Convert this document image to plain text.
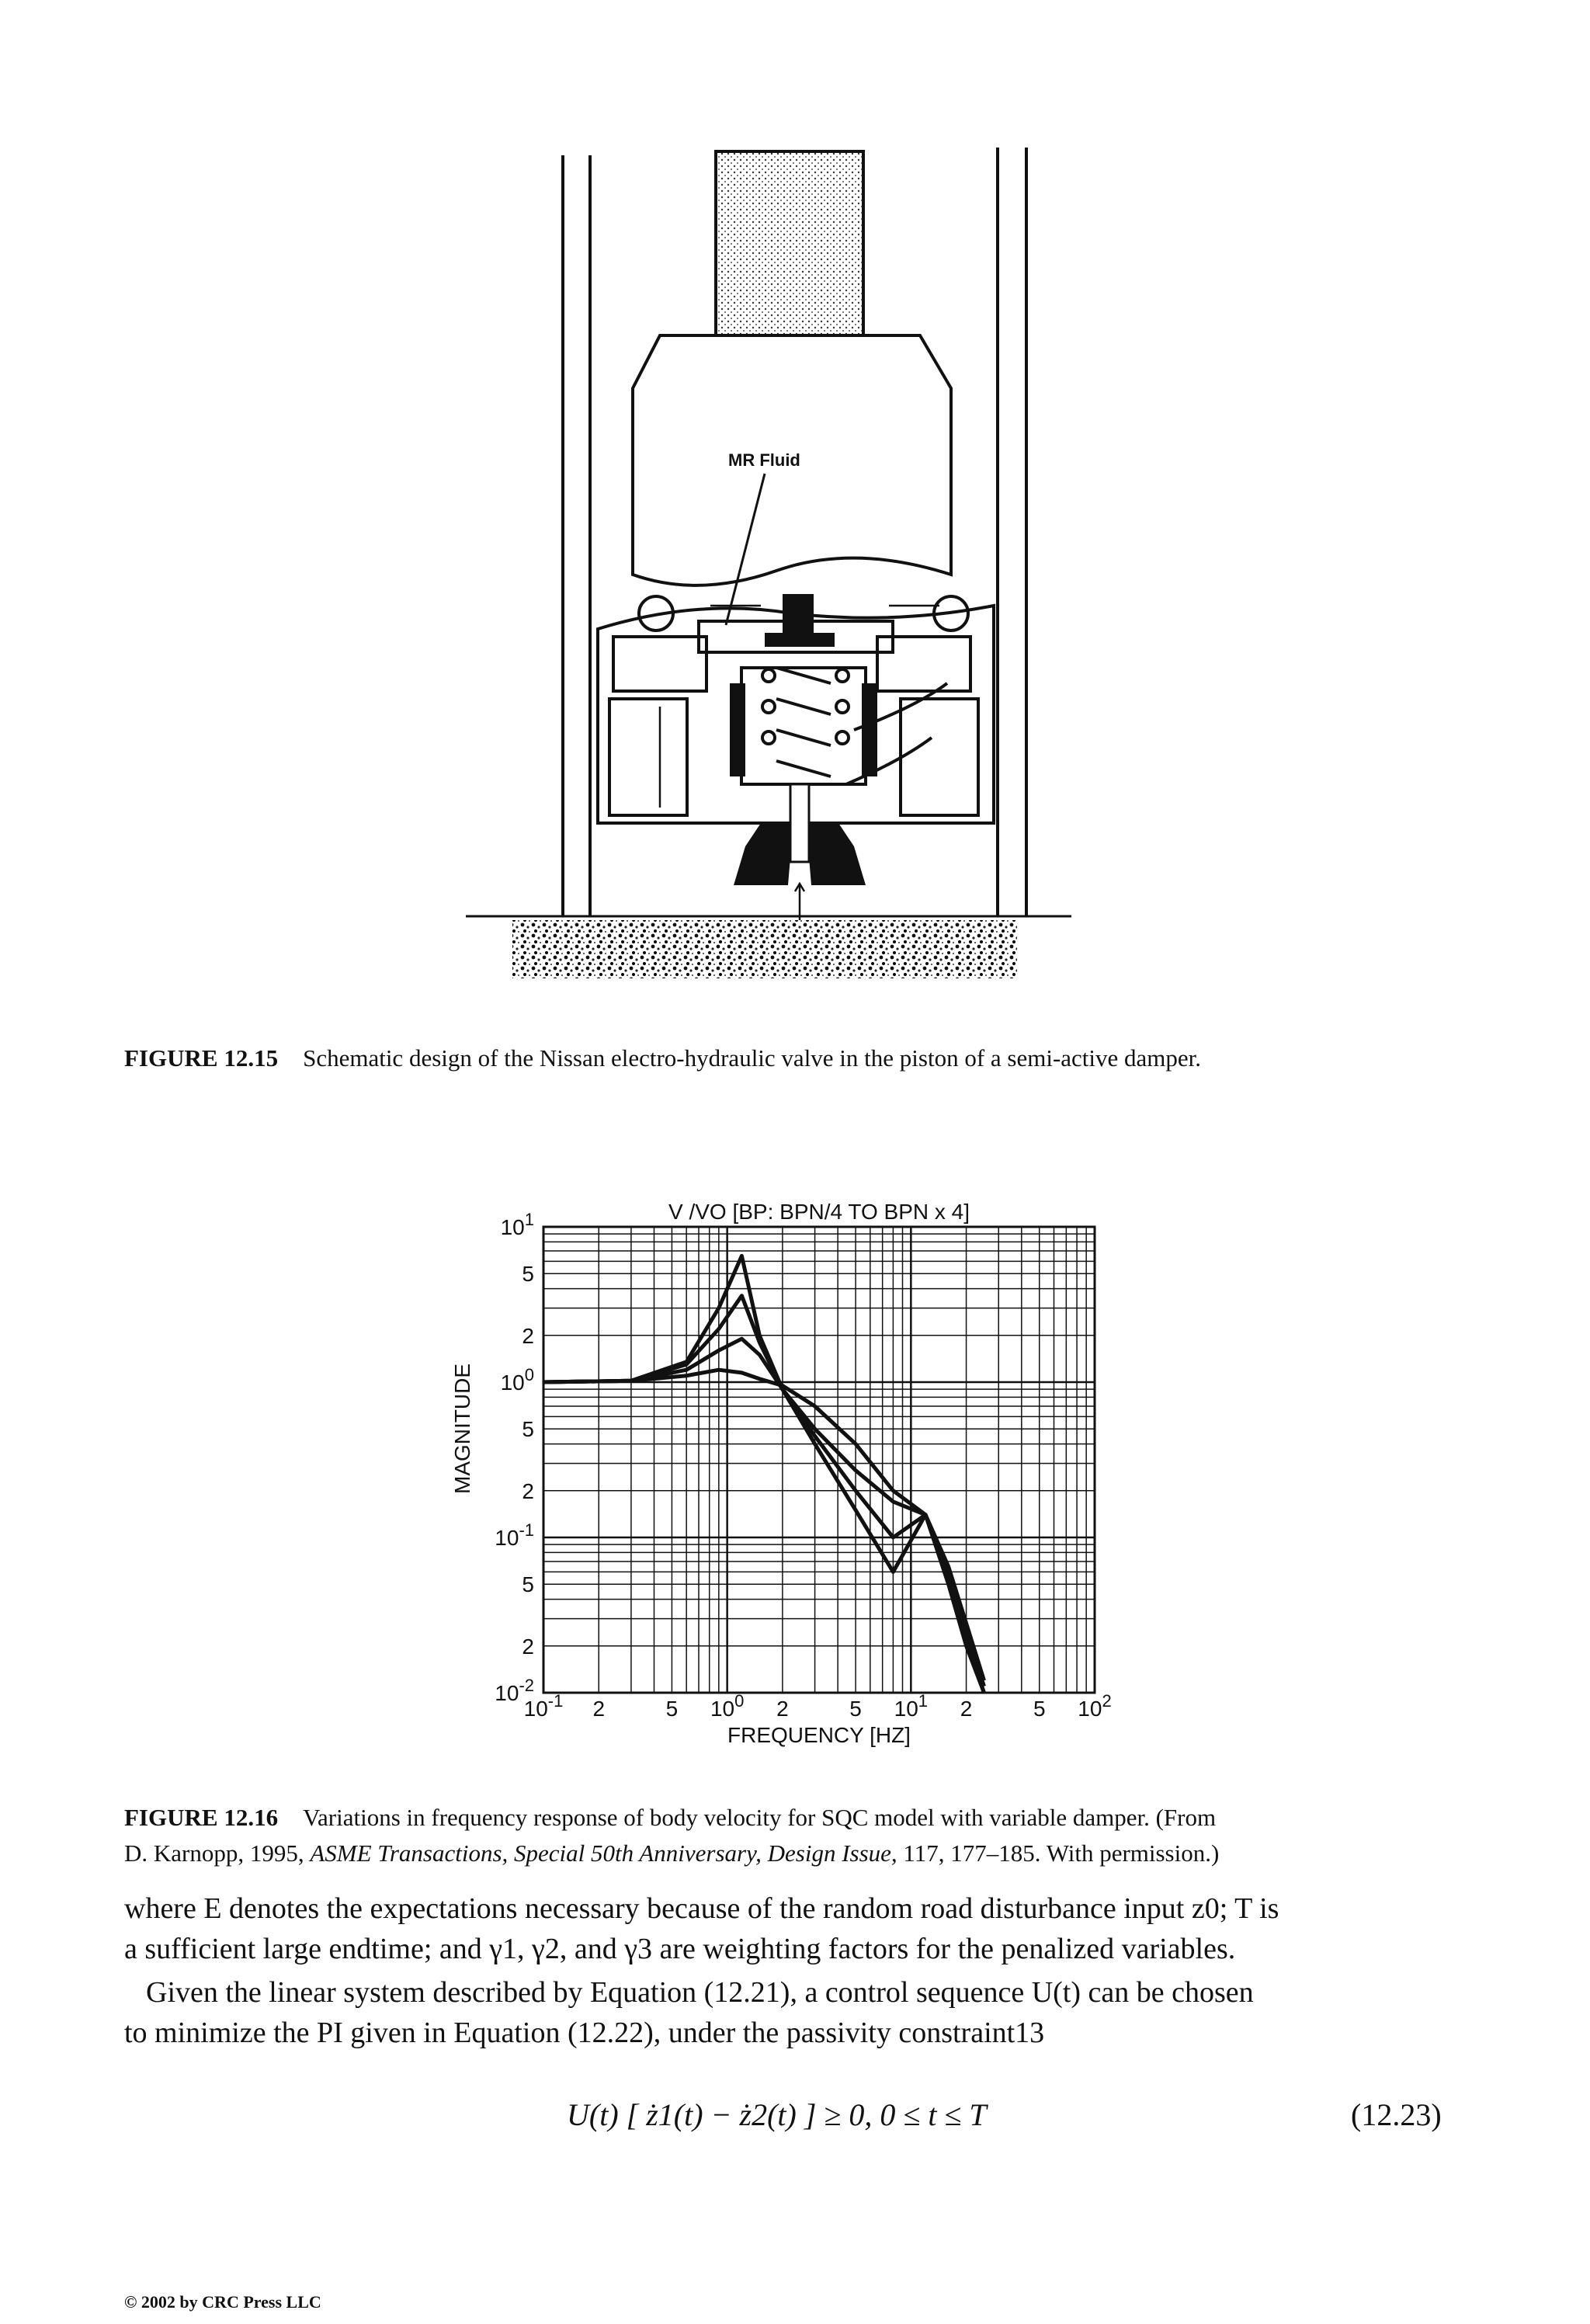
MR Fluid
FIGURE 12.15 Schematic design of the Nissan electro-hydraulic valve in the piston of a semi-active damper.
$10^{-1}$ 2	5 $10^0$ 2	5 $10^1$ 2	5 $10^2$
$10^1$
5
2
$10^0$
5
2
$10^{-1}$
5
2
$10^{-2}$
V /VO [BP: BPN/4 TO BPN x 4]
FREQUENCY [HZ]
MAGNITUDE
FIGURE 12.16 Variations in frequency response of body velocity for SQC model with variable damper. (From
D. Karnopp, 1995, ASME Transactions, Special 50th Anniversary, Design Issue, 117, 177–185. With permission.)
where E denotes the expectations necessary because of the random road disturbance input z0; T is
a sufficient large endtime; and γ1, γ2, and γ3 are weighting factors for the penalized variables.
Given the linear system described by Equation (12.21), a control sequence U(t) can be chosen
to minimize the PI given in Equation (12.22), under the passivity constraint13
U(t) [ ż1(t) − ż2(t) ] ≥ 0, 0 ≤ t ≤ T	(12.23)
© 2002 by CRC Press LLC
